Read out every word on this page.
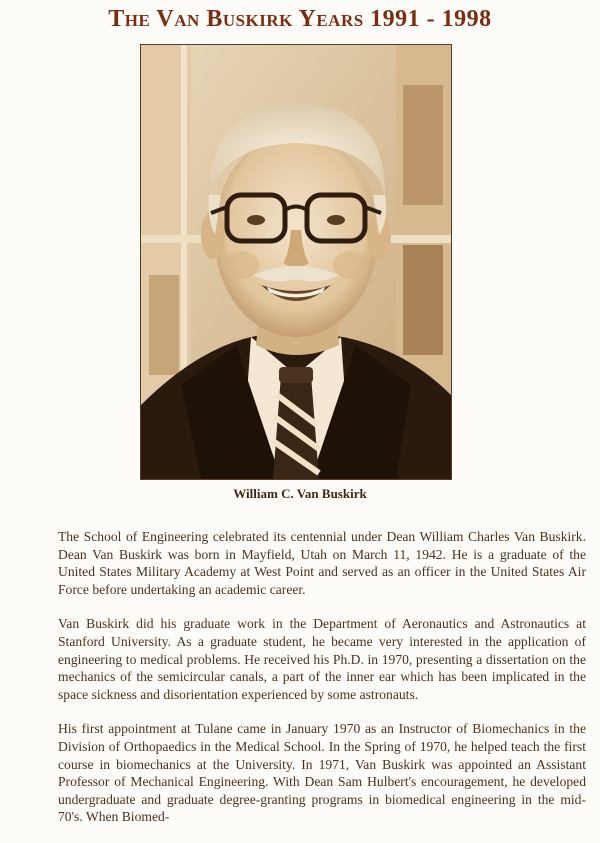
The Van Buskirk Years 1991 - 1998
William C. Van Buskirk

The School of Engineering celebrated its centennial under Dean William Charles Van Buskirk. Dean Van Buskirk was born in Mayfield, Utah on March 11, 1942. He is a graduate of the United States Military Academy at West Point and served as an officer in the United States Air Force before undertaking an academic career.

Van Buskirk did his graduate work in the Department of Aeronautics and Astronautics at Stanford University. As a graduate student, he became very interested in the application of engineering to medical problems. He received his Ph.D. in 1970, presenting a dissertation on the mechanics of the semicircular canals, a part of the inner ear which has been implicated in the space sickness and disorientation experienced by some astronauts.

His first appointment at Tulane came in January 1970 as an Instructor of Biomechanics in the Division of Orthopaedics in the Medical School. In the Spring of 1970, he helped teach the first course in biomechanics at the University. In 1971, Van Buskirk was appointed an Assistant Professor of Mechanical Engineering. With Dean Sam Hulbert's encouragement, he developed undergraduate and graduate degree-granting programs in biomedical engineering in the mid-70's. When Biomed-
